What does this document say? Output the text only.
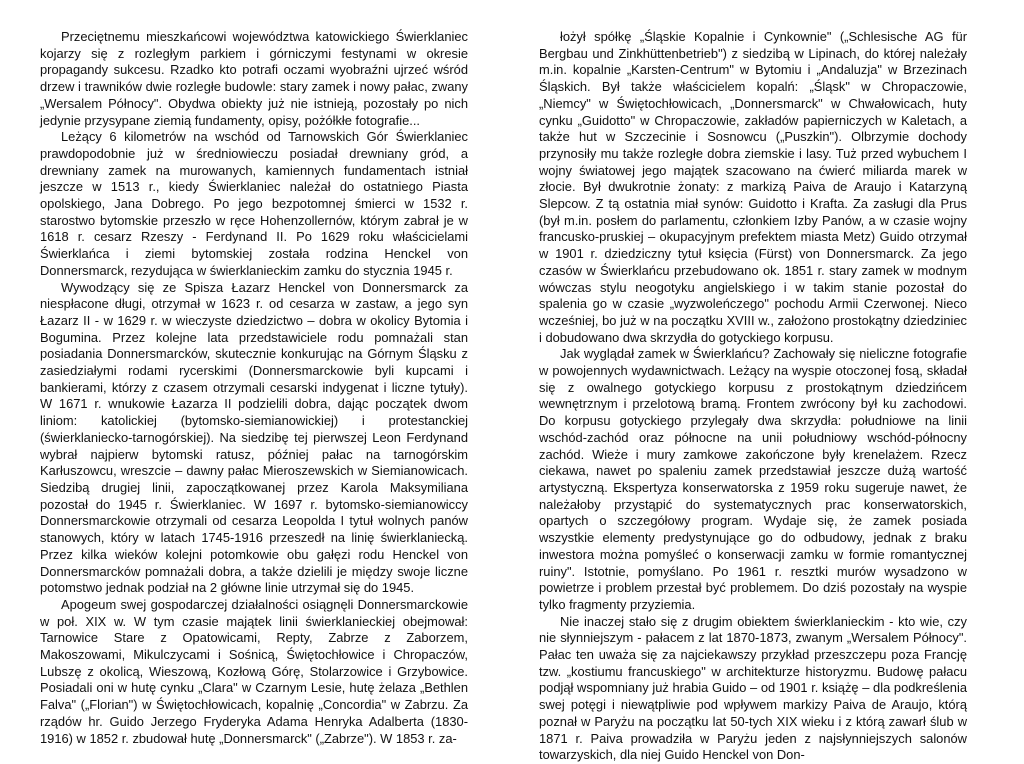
Przeciętnemu mieszkańcowi województwa katowickiego Świerklaniec kojarzy się z rozległym parkiem i górniczymi festynami w okresie propagandy sukcesu. Rzadko kto potrafi oczami wyobraźni ujrzeć wśród drzew i trawników dwie rozległe budowle: stary zamek i nowy pałac, zwany „Wersalem Północy". Obydwa obiekty już nie istnieją, pozostały po nich jedynie przysypane ziemią fundamenty, opisy, pożółkłe fotografie...

Leżący 6 kilometrów na wschód od Tarnowskich Gór Świerklaniec prawdopodobnie już w średniowieczu posiadał drewniany gród, a drewniany zamek na murowanych, kamiennych fundamentach istniał jeszcze w 1513 r., kiedy Świerklaniec należał do ostatniego Piasta opolskiego, Jana Dobrego. Po jego bezpotomnej śmierci w 1532 r. starostwo bytomskie przeszło w ręce Hohenzollernów, którym zabrał je w 1618 r. cesarz Rzeszy - Ferdynand II. Po 1629 roku właścicielami Świerklańca i ziemi bytomskiej została rodzina Henckel von Donnersmarck, rezydująca w świerklanieckim zamku do stycznia 1945 r.

Wywodzący się ze Spisza Łazarz Henckel von Donnersmarck za niespłacone długi, otrzymał w 1623 r. od cesarza w zastaw, a jego syn Łazarz II - w 1629 r. w wieczyste dziedzictwo – dobra w okolicy Bytomia i Bogumina. Przez kolejne lata przedstawiciele rodu pomnażali stan posiadania Donnersmarcków, skutecznie konkurując na Górnym Śląsku z zasiedziałymi rodami rycerskimi (Donnersmarckowie byli kupcami i bankierami, którzy z czasem otrzymali cesarski indygenat i liczne tytuły). W 1671 r. wnukowie Łazarza II podzielili dobra, dając początek dwom liniom: katolickiej (bytomsko-siemianowickiej) i protestanckiej (świerklaniecko-tarnogórskiej). Na siedzibę tej pierwszej Leon Ferdynand wybrał najpierw bytomski ratusz, później pałac na tarnogórskim Karłuszowcu, wreszcie – dawny pałac Mieroszewskich w Siemianowicach. Siedzibą drugiej linii, zapoczątkowanej przez Karola Maksymiliana pozostał do 1945 r. Świerklaniec. W 1697 r. bytomsko-siemianowiccy Donnersmarckowie otrzymali od cesarza Leopolda I tytuł wolnych panów stanowych, który w latach 1745-1916 przeszedł na linię świerklaniecką. Przez kilka wieków kolejni potomkowie obu gałęzi rodu Henckel von Donnersmarcków pomnażali dobra, a także dzielili je między swoje liczne potomstwo jednak podział na 2 główne linie utrzymał się do 1945.

Apogeum swej gospodarczej działalności osiągnęli Donnersmarckowie w poł. XIX w. W tym czasie majątek linii świerklanieckiej obejmował: Tarnowice Stare z Opatowicami, Repty, Zabrze z Zaborzem, Makoszowami, Mikulczycami i Sośnicą, Świętochłowice i Chropaczów, Lubszę z okolicą, Wieszową, Kozłową Górę, Stolarzowice i Grzybowice. Posiadali oni w hutę cynku „Clara" w Czarnym Lesie, hutę żelaza „Bethlen Falva" („Florian") w Świętochłowicach, kopalnię „Concordia" w Zabrzu. Za rządów hr. Guido Jerzego Fryderyka Adama Henryka Adalberta (1830-1916) w 1852 r. zbudował hutę „Donnersmarck" („Zabrze"). W 1853 r. za-

łożył spółkę „Śląskie Kopalnie i Cynkownie" („Schlesische AG für Bergbau und Zinkhüttenbetrieb") z siedzibą w Lipinach, do której należały m.in. kopalnie „Karsten-Centrum" w Bytomiu i „Andaluzja" w Brzezinach Śląskich. Był także właścicielem kopalń: „Śląsk" w Chropaczowie, „Niemcy" w Świętochłowicach, „Donnersmarck" w Chwałowicach, huty cynku „Guidotto" w Chropaczowie, zakładów papierniczych w Kaletach, a także hut w Szczecinie i Sosnowcu („Puszkin"). Olbrzymie dochody przynosiły mu także rozległe dobra ziemskie i lasy. Tuż przed wybuchem I wojny światowej jego majątek szacowano na ćwierć miliarda marek w złocie. Był dwukrotnie żonaty: z markizą Paiva de Araujo i Katarzyną Slepcow. Z tą ostatnia miał synów: Guidotto i Krafta. Za zasługi dla Prus (był m.in. posłem do parlamentu, członkiem Izby Panów, a w czasie wojny francusko-pruskiej – okupacyjnym prefektem miasta Metz) Guido otrzymał w 1901 r. dziedziczny tytuł księcia (Fürst) von Donnersmarck. Za jego czasów w Świerklańcu przebudowano ok. 1851 r. stary zamek w modnym wówczas stylu neogotyku angielskiego i w takim stanie pozostał do spalenia go w czasie „wyzwoleńczego" pochodu Armii Czerwonej. Nieco wcześniej, bo już w na początku XVIII w., założono prostokątny dziedziniec i dobudowano dwa skrzydła do gotyckiego korpusu.

Jak wyglądał zamek w Świerklańcu? Zachowały się nieliczne fotografie w powojennych wydawnictwach. Leżący na wyspie otoczonej fosą, składał się z owalnego gotyckiego korpusu z prostokątnym dziedzińcem wewnętrznym i przelotową bramą. Frontem zwrócony był ku zachodowi. Do korpusu gotyckiego przylegały dwa skrzydła: południowe na linii wschód-zachód oraz północne na unii południowy wschód-północny zachód. Wieże i mury zamkowe zakończone były krenelażem. Rzecz ciekawa, nawet po spaleniu zamek przedstawiał jeszcze dużą wartość artystyczną. Ekspertyza konserwatorska z 1959 roku sugeruje nawet, że należałoby przystąpić do systematycznych prac konserwatorskich, opartych o szczegółowy program. Wydaje się, że zamek posiada wszystkie elementy predystynujące go do odbudowy, jednak z braku inwestora można pomyśleć o konserwacji zamku w formie romantycznej ruiny". Istotnie, pomyślano. Po 1961 r. resztki murów wysadzono w powietrze i problem przestał być problemem. Do dziś pozostały na wyspie tylko fragmenty przyziemia.

Nie inaczej stało się z drugim obiektem świerklanieckim - kto wie, czy nie słynniejszym - pałacem z lat 1870-1873, zwanym „Wersalem Północy". Pałac ten uważa się za najciekawszy przykład przeszczepu poza Francję tzw. „kostiumu francuskiego" w architekturze historyzmu. Budowę pałacu podjął wspomniany już hrabia Guido – od 1901 r. książę – dla podkreślenia swej potęgi i niewątpliwie pod wpływem markizy Paiva de Araujo, którą poznał w Paryżu na początku lat 50-tych XIX wieku i z którą zawarł ślub w 1871 r. Paiva prowadziła w Paryżu jeden z najsłynniejszych salonów towarzyskich, dla niej Guido Henckel von Don-
